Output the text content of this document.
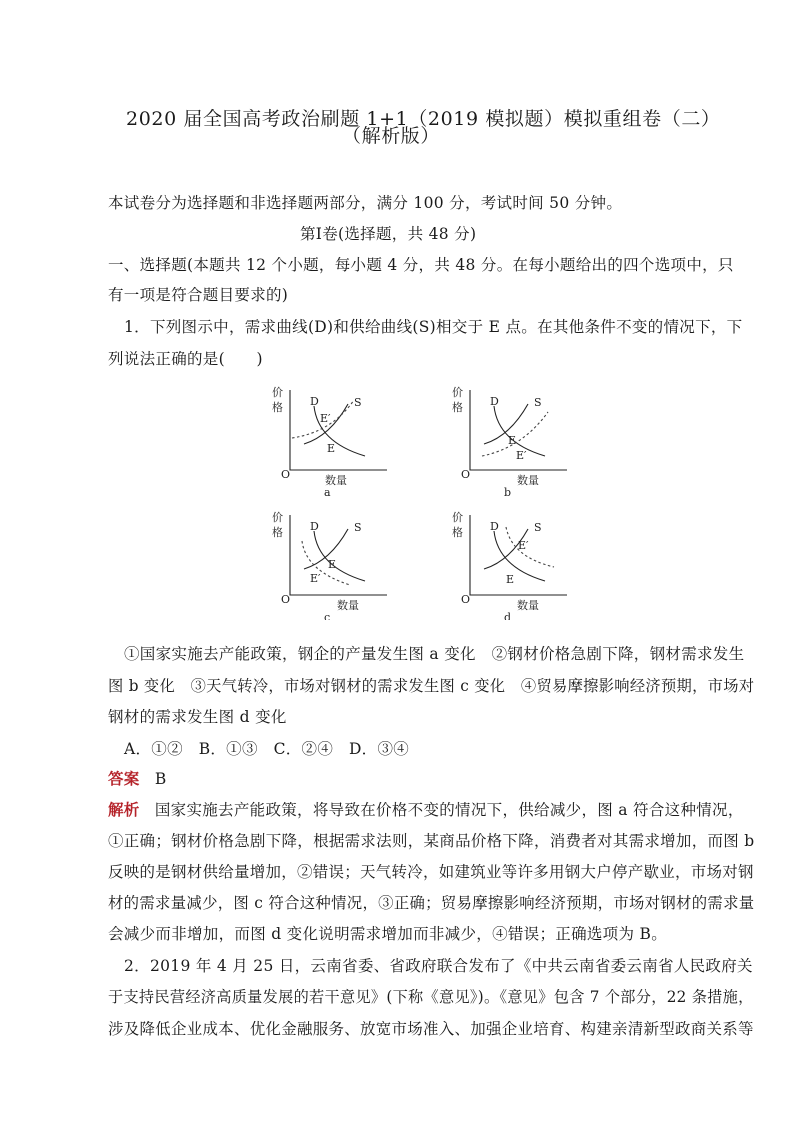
2020 届全国高考政治刷题 1+1（2019 模拟题）模拟重组卷（二）
（解析版）
本试卷分为选择题和非选择题两部分，满分 100 分，考试时间 50 分钟。
第Ⅰ卷(选择题，共 48 分)
一、选择题(本题共 12 个小题，每小题 4 分，共 48 分。在每小题给出的四个选项中，只
有一项是符合题目要求的)
1．下列图示中，需求曲线(D)和供给曲线(S)相交于 E 点。在其他条件不变的情况下，下
列说法正确的是(　　)
价
格
O	数量
D	S
E′
E
a
价
格
O	数量
D	S
E
E′
b
价
格
O	数量
D	S
E
E′
c
价
格
O	数量
D	S
E′
E
d
①国家实施去产能政策，钢企的产量发生图 a 变化　②钢材价格急剧下降，钢材需求发生
图 b 变化　③天气转冷，市场对钢材的需求发生图 c 变化　④贸易摩擦影响经济预期，市场对
钢材的需求发生图 d 变化
A．①②　B．①③　C．②④　D．③④
答案 B
解析 国家实施去产能政策，将导致在价格不变的情况下，供给减少，图 a 符合这种情况，
①正确；钢材价格急剧下降，根据需求法则，某商品价格下降，消费者对其需求增加，而图 b
反映的是钢材供给量增加，②错误；天气转冷，如建筑业等许多用钢大户停产歇业，市场对钢
材的需求量减少，图 c 符合这种情况，③正确；贸易摩擦影响经济预期，市场对钢材的需求量
会减少而非增加，而图 d 变化说明需求增加而非减少，④错误；正确选项为 B。
2．2019 年 4 月 25 日，云南省委、省政府联合发布了《中共云南省委云南省人民政府关
于支持民营经济高质量发展的若干意见》(下称《意见》)。《意见》包含 7 个部分，22 条措施，
涉及降低企业成本、优化金融服务、放宽市场准入、加强企业培育、构建亲清新型政商关系等
